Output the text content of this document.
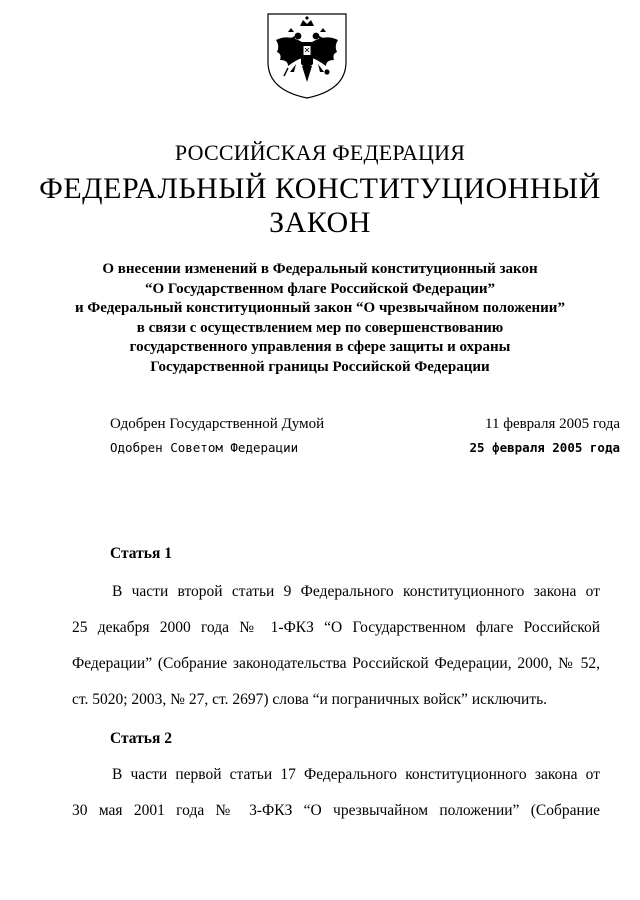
РОССИЙСКАЯ ФЕДЕРАЦИЯ
ФЕДЕРАЛЬНЫЙ КОНСТИТУЦИОННЫЙ ЗАКОН
О внесении изменений в Федеральный конституционный закон
“О Государственном флаге Российской Федерации”
и Федеральный конституционный закон “О чрезвычайном положении”
в связи с осуществлением мер по совершенствованию
государственного управления в сфере защиты и охраны
Государственной границы Российской Федерации
Одобрен Государственной Думой	11 февраля 2005 года
Одобрен Советом Федерации	25 февраля 2005 года
Статья 1
В части второй статьи 9 Федерального конституционного закона от
25 декабря 2000 года № 1-ФКЗ “О Государственном флаге Российской
Федерации” (Собрание законодательства Российской Федерации, 2000, № 52,
ст. 5020; 2003, № 27, ст. 2697) слова “и пограничных войск” исключить.
Статья 2
В части первой статьи 17 Федерального конституционного закона от
30 мая 2001 года № 3-ФКЗ “О чрезвычайном положении” (Собрание
